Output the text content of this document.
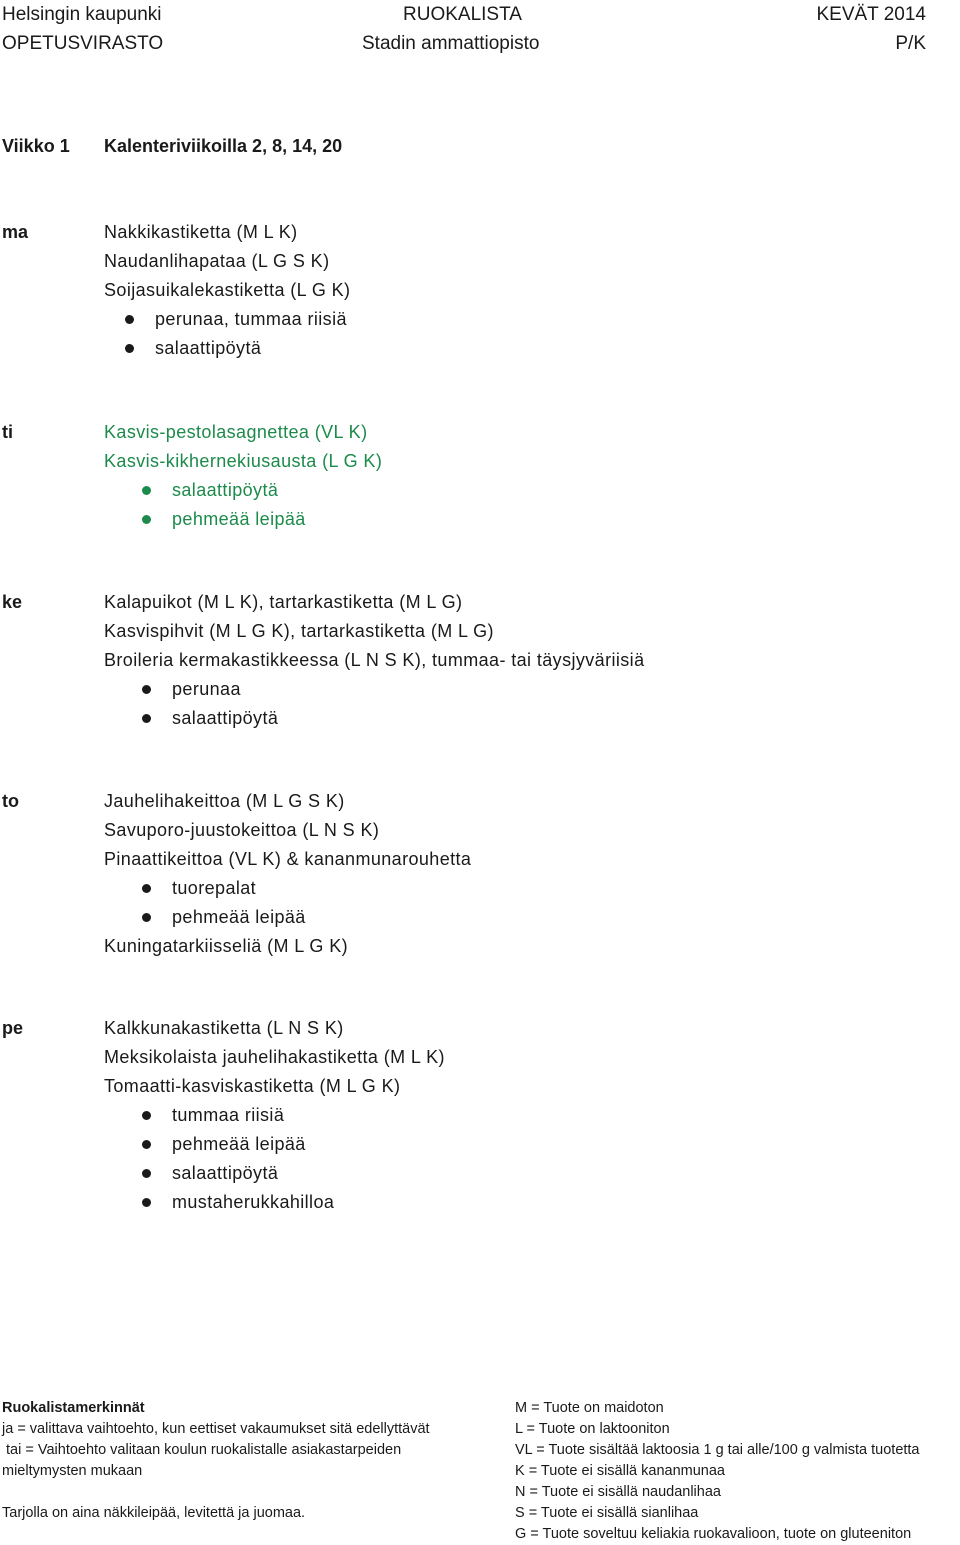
Helsingin kaupunki	RUOKALISTA	KEVÄT 2014
OPETUSVIRASTO	Stadin ammattiopisto	P/K
Viikko 1 Kalenteriviikoilla 2, 8, 14, 20
ma	Nakkikastiketta (M L K)
Naudanlihapataa (L G S K)
Soijasuikalekastiketta (L G K)
perunaa, tummaa riisiä
salaattipöytä
ti	Kasvis-pestolasagnettea (VL K)
Kasvis-kikhernekiusausta (L G K)
salaattipöytä
pehmeää leipää
ke	Kalapuikot (M L K), tartarkastiketta (M L G)
Kasvispihvit (M L G K), tartarkastiketta (M L G)
Broileria kermakastikkeessa (L N S K), tummaa- tai täysjyväriisiä
perunaa
salaattipöytä
to	Jauhelihakeittoa (M L G S K)
Savuporo-juustokeittoa (L N S K)
Pinaattikeittoa (VL K) & kananmunarouhetta
tuorepalat
pehmeää leipää
Kuningatarkiisseliä (M L G K)
pe	Kalkkunakastiketta (L N S K)
Meksikolaista jauhelihakastiketta (M L K)
Tomaatti-kasviskastiketta (M L G K)
tummaa riisiä
pehmeää leipää
salaattipöytä
mustaherukkahilloa
Ruokalistamerkinnät
ja = valittava vaihtoehto, kun eettiset vakaumukset sitä edellyttävät
tai = Vaihtoehto valitaan koulun ruokalistalle asiakastarpeiden
mieltymysten mukaan
Tarjolla on aina näkkileipää, levitettä ja juomaa.
M = Tuote on maidoton
L = Tuote on laktooniton
VL = Tuote sisältää laktoosia 1 g tai alle/100 g valmista tuotetta
K = Tuote ei sisällä kananmunaa
N = Tuote ei sisällä naudanlihaa
S = Tuote ei sisällä sianlihaa
G = Tuote soveltuu keliakia ruokavalioon, tuote on gluteeniton
